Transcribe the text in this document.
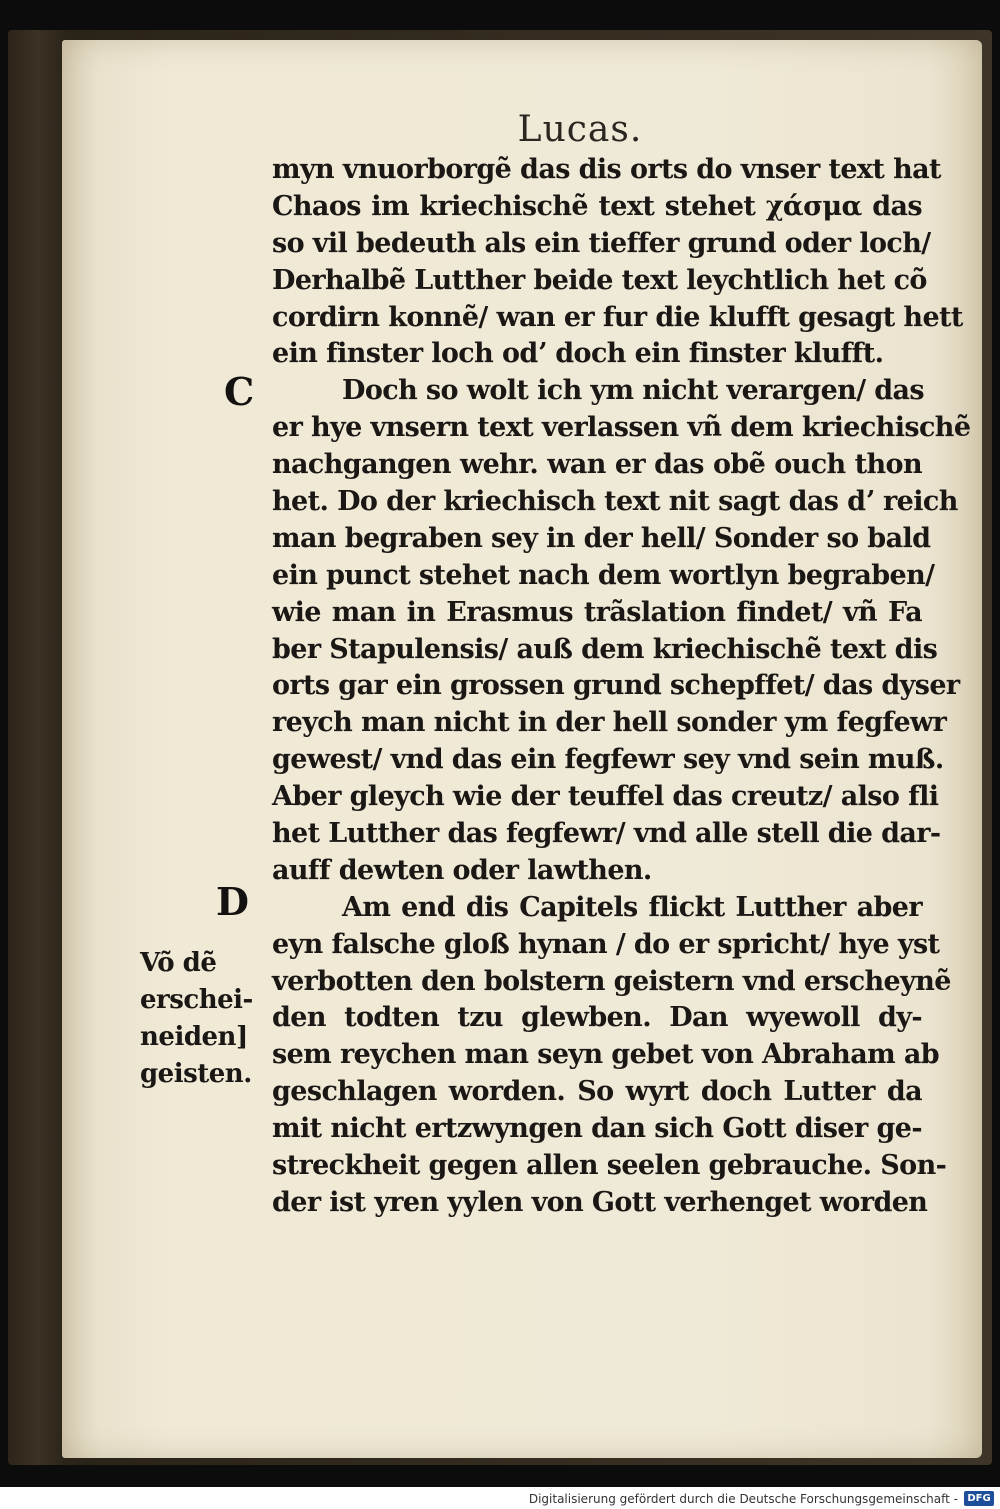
Lucas.
C
D
myn vnuorborgẽ das dis orts do vnser text hat
Chaos im kriechischẽ text stehet χάσμα das
so vil bedeuth als ein tieffer grund oder loch/
Derhalbẽ Lutther beide text leychtlich het cõ
cordirn konnẽ/ wan er fur die klufft gesagt hett
ein finster loch odʼ doch ein finster klufft.
Doch so wolt ich ym nicht verargen/ das
er hye vnsern text verlassen vñ dem kriechischẽ
nachgangen wehr. wan er das obẽ ouch thon
het. Do der kriechisch text nit sagt das dʼ reich
man begraben sey in der hell/ Sonder so bald
ein punct stehet nach dem wortlyn begraben/
wie man in Erasmus trãslation findet/ vñ Fa
ber Stapulensis/ auß dem kriechischẽ text dis
orts gar ein grossen grund schepffet/ das dyser
reych man nicht in der hell sonder ym fegfewr
gewest/ vnd das ein fegfewr sey vnd sein muß.
Aber gleych wie der teuffel das creutz/ also fli
het Lutther das fegfewr/ vnd alle stell die dar-
auff dewten oder lawthen.
Am end dis Capitels flickt Lutther aber
eyn falsche gloß hynan / do er spricht/ hye yst
verbotten den bolstern geistern vnd erscheynẽ
den todten tzu glewben. Dan wyewoll dy-
sem reychen man seyn gebet von Abraham ab
geschlagen worden. So wyrt doch Lutter da
mit nicht ertzwyngen dan sich Gott diser ge-
streckheit gegen allen seelen gebrauche. Son-
der ist yren yylen von Gott verhenget worden
Võ dẽ
erschei-
neiden]
geisten.
Digitalisierung gefördert durch die Deutsche Forschungsgemeinschaft - DFG
